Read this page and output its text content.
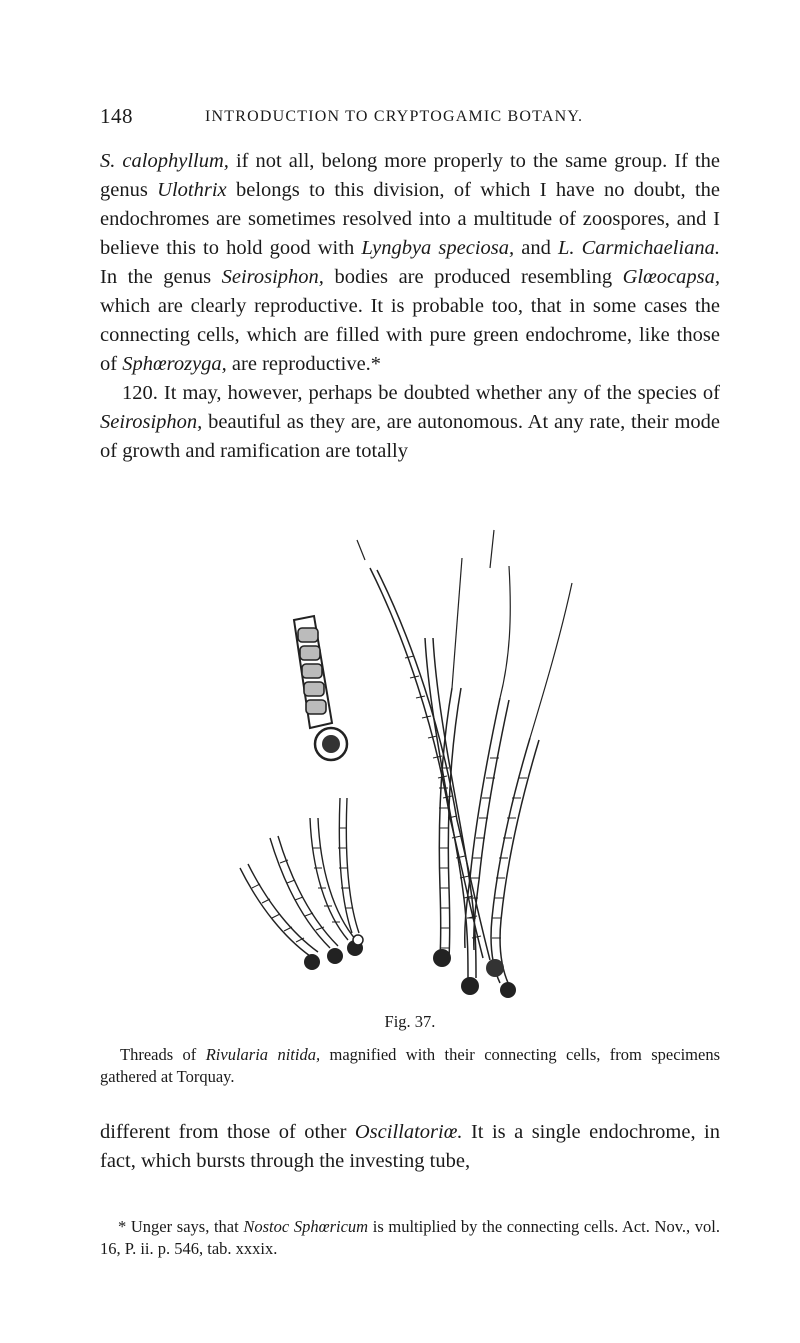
148	INTRODUCTION TO CRYPTOGAMIC BOTANY.

S. calophyllum, if not all, belong more properly to the same group. If the genus Ulothrix belongs to this division, of which I have no doubt, the endochromes are sometimes resolved into a multitude of zoospores, and I believe this to hold good with Lyngbya speciosa, and L. Carmichaeliana. In the genus Seirosiphon, bodies are produced resembling Glœocapsa, which are clearly reproductive. It is probable too, that in some cases the connecting cells, which are filled with pure green endochrome, like those of Sphœrozyga, are reproductive.*

120. It may, however, perhaps be doubted whether any of the species of Seirosiphon, beautiful as they are, are autonomous. At any rate, their mode of growth and ramification are totally

Fig. 37.

Threads of Rivularia nitida, magnified with their connecting cells, from specimens gathered at Torquay.

different from those of other Oscillatoriœ. It is a single endochrome, in fact, which bursts through the investing tube,

* Unger says, that Nostoc Sphœricum is multiplied by the connecting cells. Act. Nov., vol. 16, P. ii. p. 546, tab. xxxix.
